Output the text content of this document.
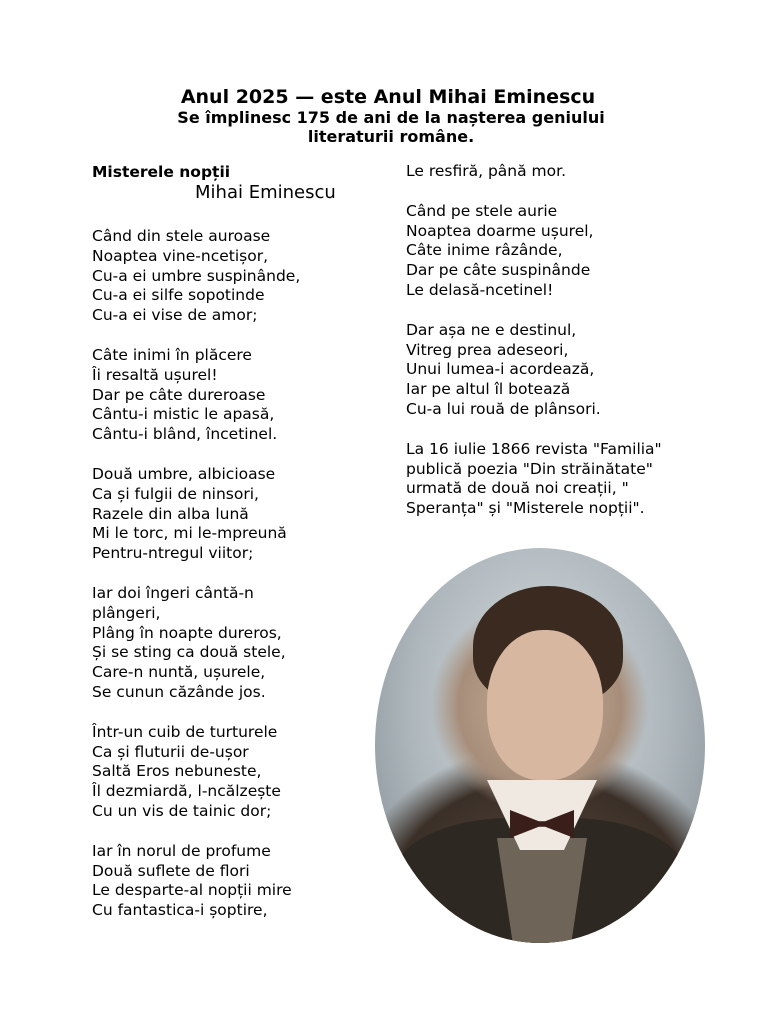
Anul 2025 — este Anul Mihai Eminescu
Se împlinesc 175 de ani de la nașterea geniului
literaturii române.
Misterele nopții
Mihai Eminescu
Când din stele auroase
Noaptea vine-ncetișor,
Cu-a ei umbre suspinânde,
Cu-a ei silfe sopotinde
Cu-a ei vise de amor;
Câte inimi în plăcere
Îi resaltă ușurel!
Dar pe câte dureroase
Cântu-i mistic le apasă,
Cântu-i blând, încetinel.
Două umbre, albicioase
Ca și fulgii de ninsori,
Razele din alba lună
Mi le torc, mi le-mpreună
Pentru-ntregul viitor;
Iar doi îngeri cântă-n plângeri,
Plâng în noapte dureros,
Și se sting ca două stele,
Care-n nuntă, ușurele,
Se cunun căzânde jos.
Într-un cuib de turturele
Ca și fluturii de-ușor
Saltă Eros nebuneste,
Îl dezmiardă, l-ncălzește
Cu un vis de tainic dor;
Iar în norul de profume
Două suflete de flori
Le desparte-al nopții mire
Cu fantastica-i șoptire,
Le resfiră, până mor.
Când pe stele aurie
Noaptea doarme ușurel,
Câte inime râzânde,
Dar pe câte suspinânde
Le delasă-ncetinel!
Dar așa ne e destinul,
Vitreg prea adeseori,
Unui lumea-i acordează,
Iar pe altul îl botează
Cu-a lui rouă de plânsori.

La 16 iulie 1866 revista "Familia" publică poezia "Din străinătate" urmată de două noi creații, " Speranța" și "Misterele nopții".
